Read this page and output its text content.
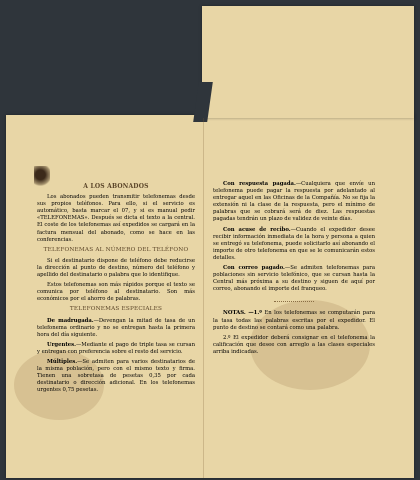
A LOS ABONADOS

Los abonados pueden transmitir telefonemas desde sus propios teléfonos. Para ello, si el servicio es automático, basta marcar el 07, y si es manual pedir «TELEFONEMAS». Después se dicta el texto a la central. El coste de los telefonemas así expedidos se cargará en la factura mensual del abonado, como se hace en las conferencias.

TELEFONEMAS AL NÚMERO DEL TELÉFONO

Si el destinatario dispone de teléfono debe reducirse la dirección al punto de destino, número del teléfono y apellido del destinatario o palabra que lo identifique.

Estos telefonemas son más rápidos porque el texto se comunica por teléfono al destinatario. Son más económicos por el ahorro de palabras.

TELEFONEMAS ESPECIALES

De madrugada.—Devengan la mitad de tasa de un telefonema ordinario y no se entregan hasta la primera hora del día siguiente.

Urgentes.—Mediante el pago de triple tasa se cursan y entregan con preferencia sobre el resto del servicio.

Múltiples.—Se admiten para varios destinatarios de la misma población, pero con el mismo texto y firma. Tienen una sobretasa de pesetas 0,35 por cada destinatario o dirección adicional. En los telefonemas urgentes 0,75 pesetas.

Con respuesta pagada.—Cualquiera que envíe un telefonema puede pagar la respuesta por adelantado al entregar aquel en las Oficinas de la Compañía. No se fija la extensión ni la clase de la respuesta, pero el mínimo de palabras que se cobrará será de diez. Las respuestas pagadas tendrán un plazo de validez de veinte días.

Con acuse de recibo.—Cuando el expedidor desee recibir información inmediata de la hora y persona a quien se entregó su telefonema, puede solicitarlo así abonando el importe de otro telefonema en que se le comunicarán estos detalles.

Con correo pagado.—Se admiten telefonemas para poblaciones sin servicio telefónico, que se cursan hasta la Central más próxima a su destino y siguen de aquí por correo, abonando el importe del franqueo.

NOTAS. —1.º En los telefonemas se computarán para la tasa todas las palabras escritas por el expedidor. El punto de destino se contará como una palabra.

2.º El expedidor deberá consignar en el telefonema la calificación que desee con arreglo a las clases especiales arriba indicadas.
